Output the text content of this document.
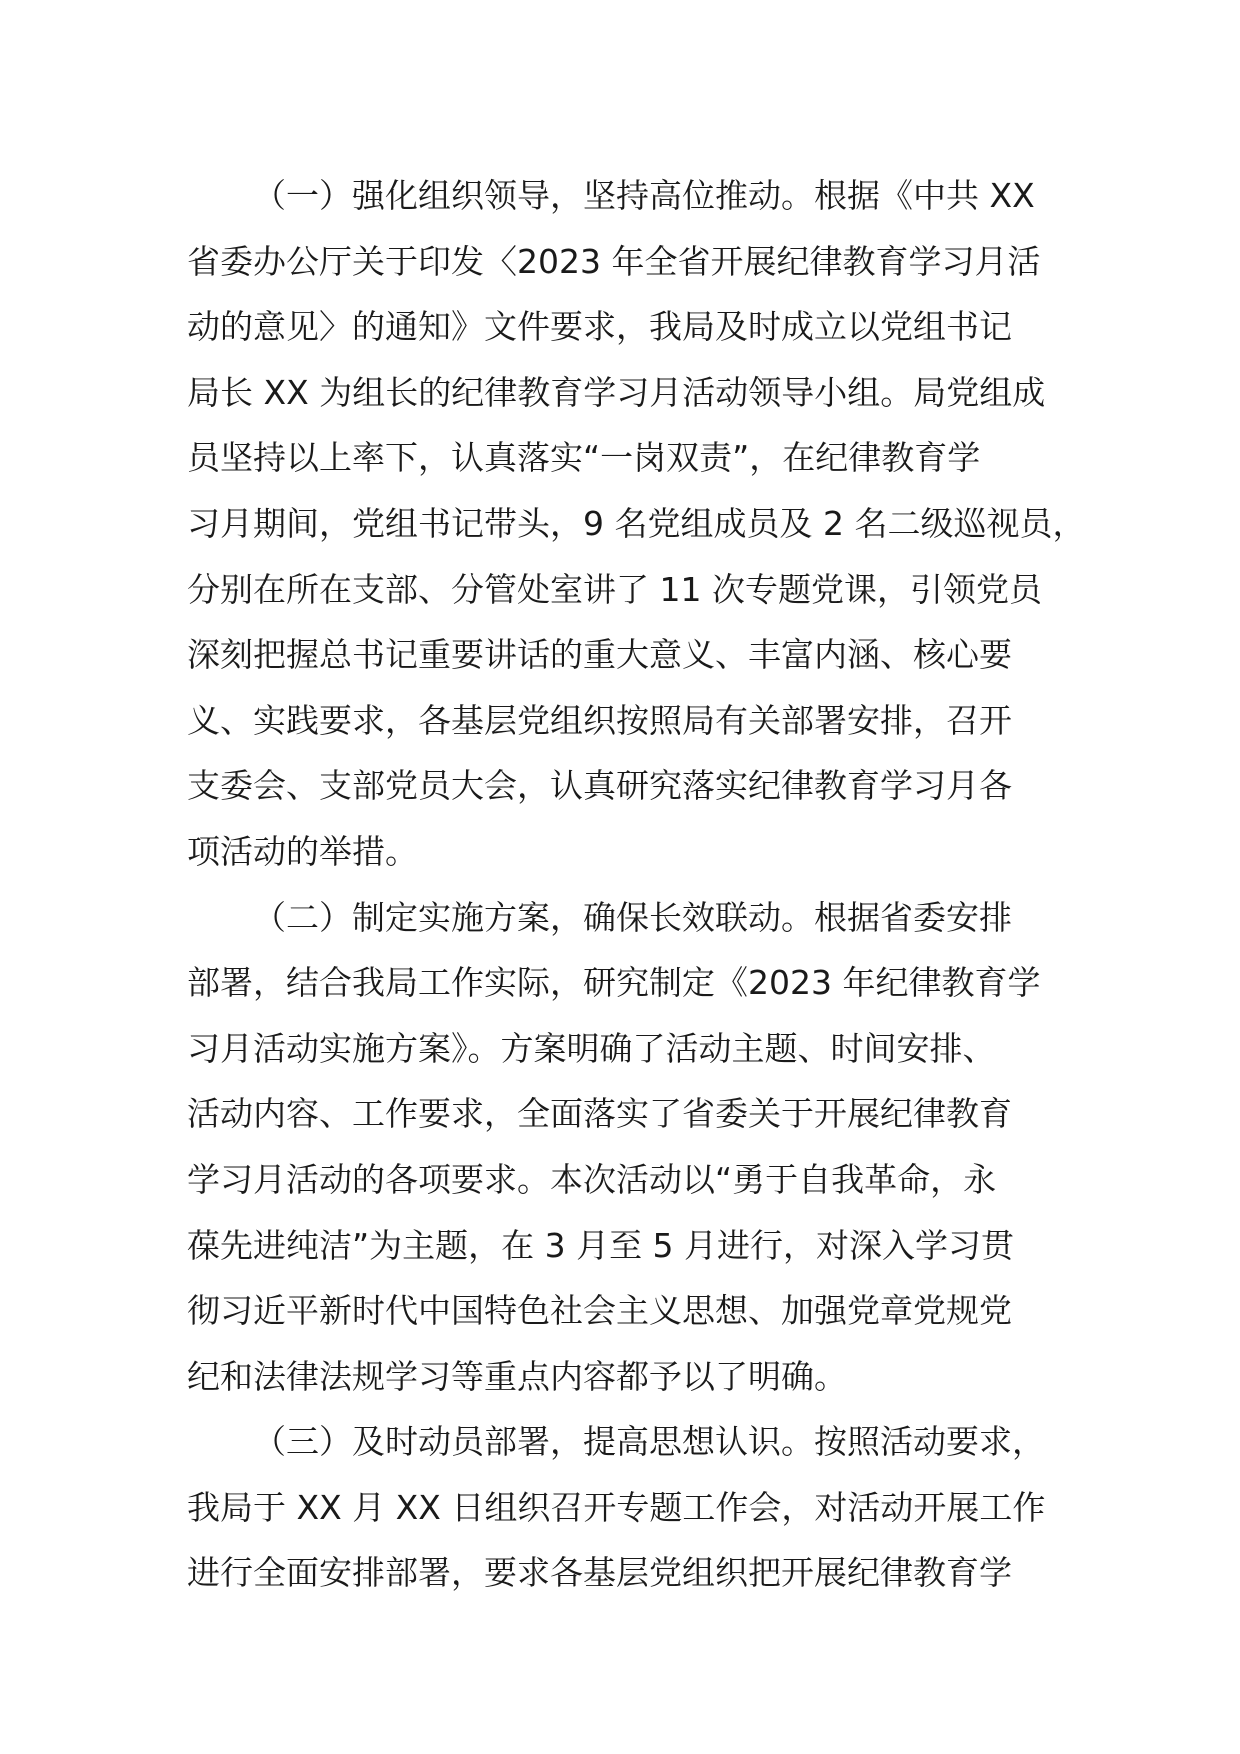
（一）强化组织领导，坚持高位推动。根据《中共 XX
省委办公厅关于印发〈2023 年全省开展纪律教育学习月活
动的意见〉的通知》文件要求，我局及时成立以党组书记
局长 XX 为组长的纪律教育学习月活动领导小组。局党组成
员坚持以上率下，认真落实“一岗双责”，在纪律教育学
习月期间，党组书记带头，9 名党组成员及 2 名二级巡视员，
分别在所在支部、分管处室讲了 11 次专题党课，引领党员
深刻把握总书记重要讲话的重大意义、丰富内涵、核心要
义、实践要求，各基层党组织按照局有关部署安排，召开
支委会、支部党员大会，认真研究落实纪律教育学习月各
项活动的举措。
（二）制定实施方案，确保长效联动。根据省委安排
部署，结合我局工作实际，研究制定《2023 年纪律教育学
习月活动实施方案》。方案明确了活动主题、时间安排、
活动内容、工作要求，全面落实了省委关于开展纪律教育
学习月活动的各项要求。本次活动以“勇于自我革命，永
葆先进纯洁”为主题，在 3 月至 5 月进行，对深入学习贯
彻习近平新时代中国特色社会主义思想、加强党章党规党
纪和法律法规学习等重点内容都予以了明确。
（三）及时动员部署，提高思想认识。按照活动要求，
我局于 XX 月 XX 日组织召开专题工作会，对活动开展工作
进行全面安排部署，要求各基层党组织把开展纪律教育学
